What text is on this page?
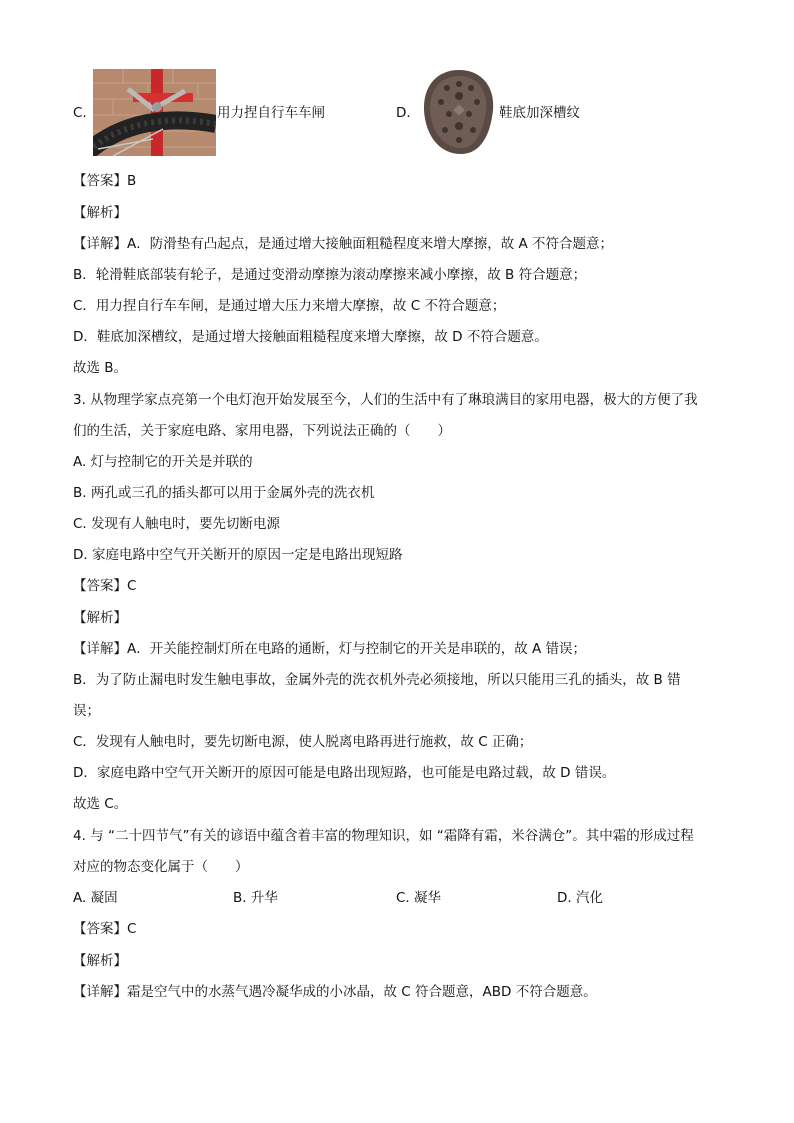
C.	用力捏自行车车闸	D.	鞋底加深槽纹
【答案】B
【解析】
【详解】A．防滑垫有凸起点，是通过增大接触面粗糙程度来增大摩擦，故 A 不符合题意；
B．轮滑鞋底部装有轮子，是通过变滑动摩擦为滚动摩擦来减小摩擦，故 B 符合题意；
C．用力捏自行车车闸，是通过增大压力来增大摩擦，故 C 不符合题意；
D．鞋底加深槽纹，是通过增大接触面粗糙程度来增大摩擦，故 D 不符合题意。
故选 B。
3. 从物理学家点亮第一个电灯泡开始发展至今，人们的生活中有了琳琅满目的家用电器，极大的方便了我
们的生活，关于家庭电路、家用电器，下列说法正确的（　　）
A. 灯与控制它的开关是并联的
B. 两孔或三孔的插头都可以用于金属外壳的洗衣机
C. 发现有人触电时，要先切断电源
D. 家庭电路中空气开关断开的原因一定是电路出现短路
【答案】C
【解析】
【详解】A．开关能控制灯所在电路的通断，灯与控制它的开关是串联的，故 A 错误；
B．为了防止漏电时发生触电事故，金属外壳的洗衣机外壳必须接地，所以只能用三孔的插头，故 B 错
误；
C．发现有人触电时，要先切断电源，使人脱离电路再进行施救，故 C 正确；
D．家庭电路中空气开关断开的原因可能是电路出现短路，也可能是电路过载，故 D 错误。
故选 C。
4. 与 “二十四节气”有关的谚语中蕴含着丰富的物理知识，如 “霜降有霜，米谷满仓”。其中霜的形成过程
对应的物态变化属于（　　）
A. 凝固	B. 升华	C. 凝华	D. 汽化
【答案】C
【解析】
【详解】霜是空气中的水蒸气遇冷凝华成的小冰晶，故 C 符合题意，ABD 不符合题意。
